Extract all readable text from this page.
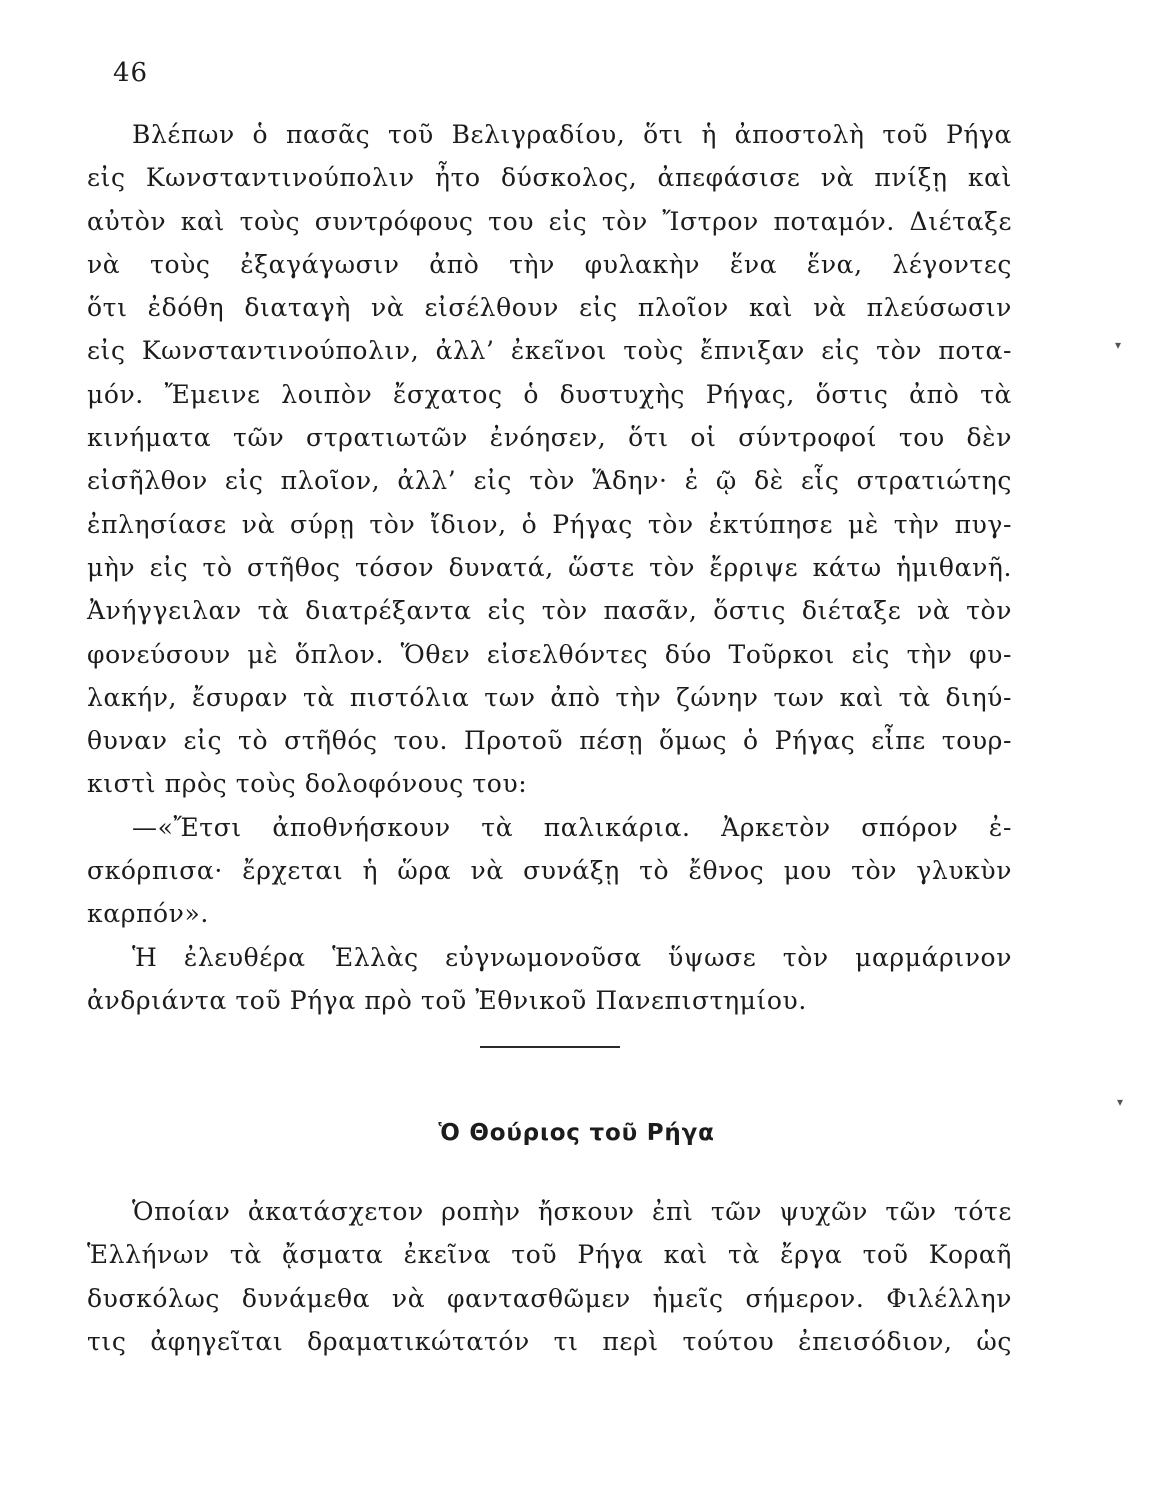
46
Βλέπων ὁ πασᾶς τοῦ Βελιγραδίου, ὅτι ἡ ἀποστολὴ τοῦ Ρήγα
εἰς Κωνσταντινούπολιν ἦτο δύσκολος, ἀπεφάσισε νὰ πνίξῃ καὶ
αὐτὸν καὶ τοὺς συντρόφους του εἰς τὸν Ἴστρον ποταμόν. Διέταξε
νὰ τοὺς ἐξαγάγωσιν ἀπὸ τὴν φυλακὴν ἕνα ἕνα, λέγοντες
ὅτι ἐδόθη διαταγὴ νὰ εἰσέλθουν εἰς πλοῖον καὶ νὰ πλεύσωσιν
εἰς Κωνσταντινούπολιν, ἀλλ’ ἐκεῖνοι τοὺς ἔπνιξαν εἰς τὸν ποτα-
μόν. Ἔμεινε λοιπὸν ἔσχατος ὁ δυστυχὴς Ρήγας, ὅστις ἀπὸ τὰ
κινήματα τῶν στρατιωτῶν ἐνόησεν, ὅτι οἱ σύντροφοί του δὲν
εἰσῆλθον εἰς πλοῖον, ἀλλ’ εἰς τὸν Ἅδην· ἐ ῷ δὲ εἷς στρατιώτης
ἐπλησίασε νὰ σύρῃ τὸν ἴδιον, ὁ Ρήγας τὸν ἐκτύπησε μὲ τὴν πυγ-
μὴν εἰς τὸ στῆθος τόσον δυνατά, ὥστε τὸν ἔρριψε κάτω ἡμιθανῆ.
Ἀνήγγειλαν τὰ διατρέξαντα εἰς τὸν πασᾶν, ὅστις διέταξε νὰ τὸν
φονεύσουν μὲ ὅπλον. Ὅθεν εἰσελθόντες δύο Τοῦρκοι εἰς τὴν φυ-
λακήν, ἔσυραν τὰ πιστόλια των ἀπὸ τὴν ζώνην των καὶ τὰ διηύ-
θυναν εἰς τὸ στῆθός του. Προτοῦ πέσῃ ὅμως ὁ Ρήγας εἶπε τουρ-
κιστὶ πρὸς τοὺς δολοφόνους του:
—«Ἔτσι ἀποθνήσκουν τὰ παλικάρια. Ἀρκετὸν σπόρον ἐ-
σκόρπισα· ἔρχεται ἡ ὥρα νὰ συνάξῃ τὸ ἔθνος μου τὸν γλυκὺν
καρπόν».
Ἡ ἐλευθέρα Ἑλλὰς εὐγνωμονοῦσα ὕψωσε τὸν μαρμάρινον
ἀνδριάντα τοῦ Ρήγα πρὸ τοῦ Ἐθνικοῦ Πανεπιστημίου.
Ὁ Θούριος τοῦ Ρήγα
Ὁποίαν ἀκατάσχετον ροπὴν ἤσκουν ἐπὶ τῶν ψυχῶν τῶν τότε
Ἑλλήνων τὰ ᾄσματα ἐκεῖνα τοῦ Ρήγα καὶ τὰ ἔργα τοῦ Κοραῆ
δυσκόλως δυνάμεθα νὰ φαντασθῶμεν ἡμεῖς σήμερον. Φιλέλλην
τις ἀφηγεῖται δραματικώτατόν τι περὶ τούτου ἐπεισόδιον, ὡς
▾
▾
